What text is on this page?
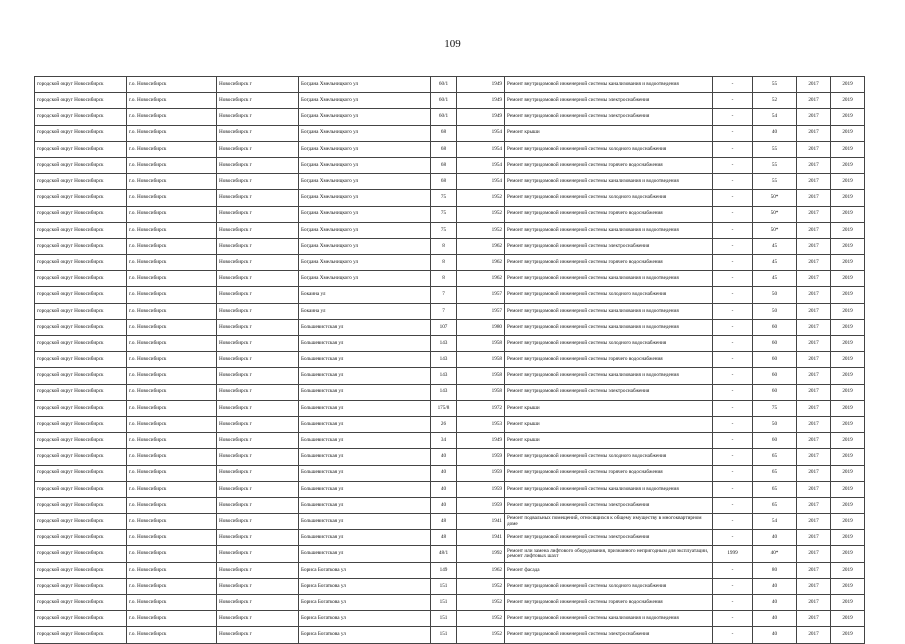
109
городской округ Новосибирск	г.о. Новосибирск	Новосибирск г	Богдана Хмельницкого ул	60/1	1949	Ремонт внутридомовой инженерной системы канализования и водоотведения	-	55	2017	2019
городской округ Новосибирск	г.о. Новосибирск	Новосибирск г	Богдана Хмельницкого ул	60/1	1949	Ремонт внутридомовой инженерной системы электроснабжения	-	52	2017	2019
городской округ Новосибирск	г.о. Новосибирск	Новосибирск г	Богдана Хмельницкого ул	60/1	1949	Ремонт внутридомовой инженерной системы электроснабжения	-	54	2017	2019
городской округ Новосибирск	г.о. Новосибирск	Новосибирск г	Богдана Хмельницкого ул	68	1954	Ремонт крыши	-	40	2017	2019
городской округ Новосибирск	г.о. Новосибирск	Новосибирск г	Богдана Хмельницкого ул	68	1954	Ремонт внутридомовой инженерной системы холодного водоснабжения	-	55	2017	2019
городской округ Новосибирск	г.о. Новосибирск	Новосибирск г	Богдана Хмельницкого ул	68	1954	Ремонт внутридомовой инженерной системы горячего водоснабжения	-	55	2017	2019
городской округ Новосибирск	г.о. Новосибирск	Новосибирск г	Богдана Хмельницкого ул	68	1954	Ремонт внутридомовой инженерной системы канализования и водоотведения	-	55	2017	2019
городской округ Новосибирск	г.о. Новосибирск	Новосибирск г	Богдана Хмельницкого ул	75	1952	Ремонт внутридомовой инженерной системы холодного водоснабжения	-	50*	2017	2019
городской округ Новосибирск	г.о. Новосибирск	Новосибирск г	Богдана Хмельницкого ул	75	1952	Ремонт внутридомовой инженерной системы горячего водоснабжения	-	50*	2017	2019
городской округ Новосибирск	г.о. Новосибирск	Новосибирск г	Богдана Хмельницкого ул	75	1952	Ремонт внутридомовой инженерной системы канализования и водоотведения	-	50*	2017	2019
городской округ Новосибирск	г.о. Новосибирск	Новосибирск г	Богдана Хмельницкого ул	8	1962	Ремонт внутридомовой инженерной системы электроснабжения	-	45	2017	2019
городской округ Новосибирск	г.о. Новосибирск	Новосибирск г	Богдана Хмельницкого ул	8	1962	Ремонт внутридомовой инженерной системы горячего водоснабжения	-	45	2017	2019
городской округ Новосибирск	г.о. Новосибирск	Новосибирск г	Богдана Хмельницкого ул	8	1962	Ремонт внутридомовой инженерной системы канализования и водоотведения	-	45	2017	2019
городской округ Новосибирск	г.о. Новосибирск	Новосибирск г	Бокаина ул	7	1957	Ремонт внутридомовой инженерной системы холодного водоснабжения	-	50	2017	2019
городской округ Новосибирск	г.о. Новосибирск	Новосибирск г	Бокаина ул	7	1957	Ремонт внутридомовой инженерной системы канализования и водоотведения	-	50	2017	2019
городской округ Новосибирск	г.о. Новосибирск	Новосибирск г	Большевистская ул	107	1980	Ремонт внутридомовой инженерной системы канализования и водоотведения	-	60	2017	2019
городской округ Новосибирск	г.о. Новосибирск	Новосибирск г	Большевистская ул	143	1958	Ремонт внутридомовой инженерной системы холодного водоснабжения	-	60	2017	2019
городской округ Новосибирск	г.о. Новосибирск	Новосибирск г	Большевистская ул	143	1958	Ремонт внутридомовой инженерной системы горячего водоснабжения	-	60	2017	2019
городской округ Новосибирск	г.о. Новосибирск	Новосибирск г	Большевистская ул	143	1958	Ремонт внутридомовой инженерной системы канализования и водоотведения	-	60	2017	2019
городской округ Новосибирск	г.о. Новосибирск	Новосибирск г	Большевистская ул	143	1958	Ремонт внутридомовой инженерной системы электроснабжения	-	60	2017	2019
городской округ Новосибирск	г.о. Новосибирск	Новосибирск г	Большевистская ул	175/8	1972	Ремонт крыши	-	75	2017	2019
городской округ Новосибирск	г.о. Новосибирск	Новосибирск г	Большевистская ул	26	1953	Ремонт крыши	-	50	2017	2019
городской округ Новосибирск	г.о. Новосибирск	Новосибирск г	Большевистская ул	34	1949	Ремонт крыши	-	60	2017	2019
городской округ Новосибирск	г.о. Новосибирск	Новосибирск г	Большевистская ул	40	1959	Ремонт внутридомовой инженерной системы холодного водоснабжения	-	65	2017	2019
городской округ Новосибирск	г.о. Новосибирск	Новосибирск г	Большевистская ул	40	1959	Ремонт внутридомовой инженерной системы горячего водоснабжения	-	65	2017	2019
городской округ Новосибирск	г.о. Новосибирск	Новосибирск г	Большевистская ул	40	1959	Ремонт внутридомовой инженерной системы канализования и водоотведения	-	65	2017	2019
городской округ Новосибирск	г.о. Новосибирск	Новосибирск г	Большевистская ул	40	1959	Ремонт внутридомовой инженерной системы электроснабжения	-	65	2017	2019
городской округ Новосибирск	г.о. Новосибирск	Новосибирск г	Большевистская ул	48	1941	Ремонт подвальных помещений, относящихся к общему имуществу в многоквартирном доме	-	54	2017	2019
городской округ Новосибирск	г.о. Новосибирск	Новосибирск г	Большевистская ул	48	1941	Ремонт внутридомовой инженерной системы электроснабжения	-	40	2017	2019
городской округ Новосибирск	г.о. Новосибирск	Новосибирск г	Большевистская ул	48/1	1992	Ремонт или замена лифтового оборудования, признанного непригодным для эксплуатации, ремонт лифтовых шахт	1999	40*	2017	2019
городской округ Новосибирск	г.о. Новосибирск	Новосибирск г	Бориса Богаткова ул	149	1962	Ремонт фасада	-	80	2017	2019
городской округ Новосибирск	г.о. Новосибирск	Новосибирск г	Бориса Богаткова ул	151	1952	Ремонт внутридомовой инженерной системы холодного водоснабжения	-	40	2017	2019
городской округ Новосибирск	г.о. Новосибирск	Новосибирск г	Бориса Богаткова ул	151	1952	Ремонт внутридомовой инженерной системы горячего водоснабжения	-	40	2017	2019
городской округ Новосибирск	г.о. Новосибирск	Новосибирск г	Бориса Богаткова ул	151	1952	Ремонт внутридомовой инженерной системы канализования и водоотведения	-	40	2017	2019
городской округ Новосибирск	г.о. Новосибирск	Новосибирск г	Бориса Богаткова ул	151	1952	Ремонт внутридомовой инженерной системы электроснабжения	-	40	2017	2019
